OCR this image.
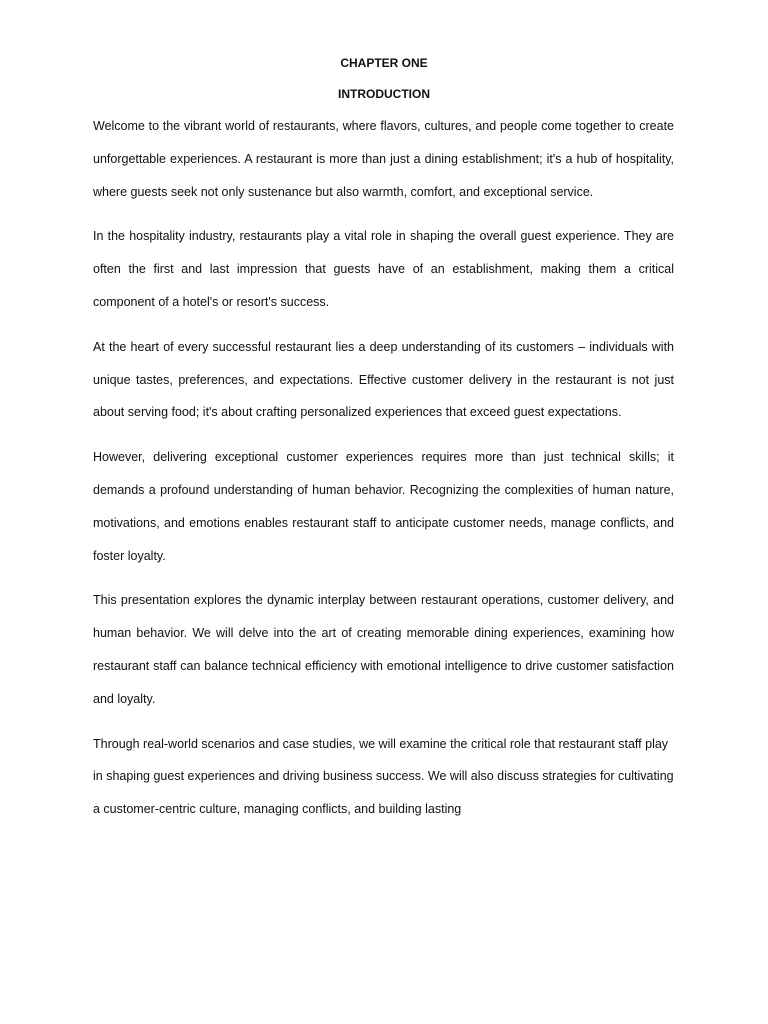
CHAPTER ONE

INTRODUCTION

Welcome to the vibrant world of restaurants, where flavors, cultures, and people come together to create unforgettable experiences. A restaurant is more than just a dining establishment; it's a hub of hospitality, where guests seek not only sustenance but also warmth, comfort, and exceptional service.

In the hospitality industry, restaurants play a vital role in shaping the overall guest experience. They are often the first and last impression that guests have of an establishment, making them a critical component of a hotel's or resort's success.

At the heart of every successful restaurant lies a deep understanding of its customers – individuals with unique tastes, preferences, and expectations. Effective customer delivery in the restaurant is not just about serving food; it's about crafting personalized experiences that exceed guest expectations.

However, delivering exceptional customer experiences requires more than just technical skills; it demands a profound understanding of human behavior. Recognizing the complexities of human nature, motivations, and emotions enables restaurant staff to anticipate customer needs, manage conflicts, and foster loyalty.

This presentation explores the dynamic interplay between restaurant operations, customer delivery, and human behavior. We will delve into the art of creating memorable dining experiences, examining how restaurant staff can balance technical efficiency with emotional intelligence to drive customer satisfaction and loyalty.

Through real-world scenarios and case studies, we will examine the critical role that restaurant staff play in shaping guest experiences and driving business success. We will also discuss strategies for cultivating a customer-centric culture, managing conflicts, and building lasting
